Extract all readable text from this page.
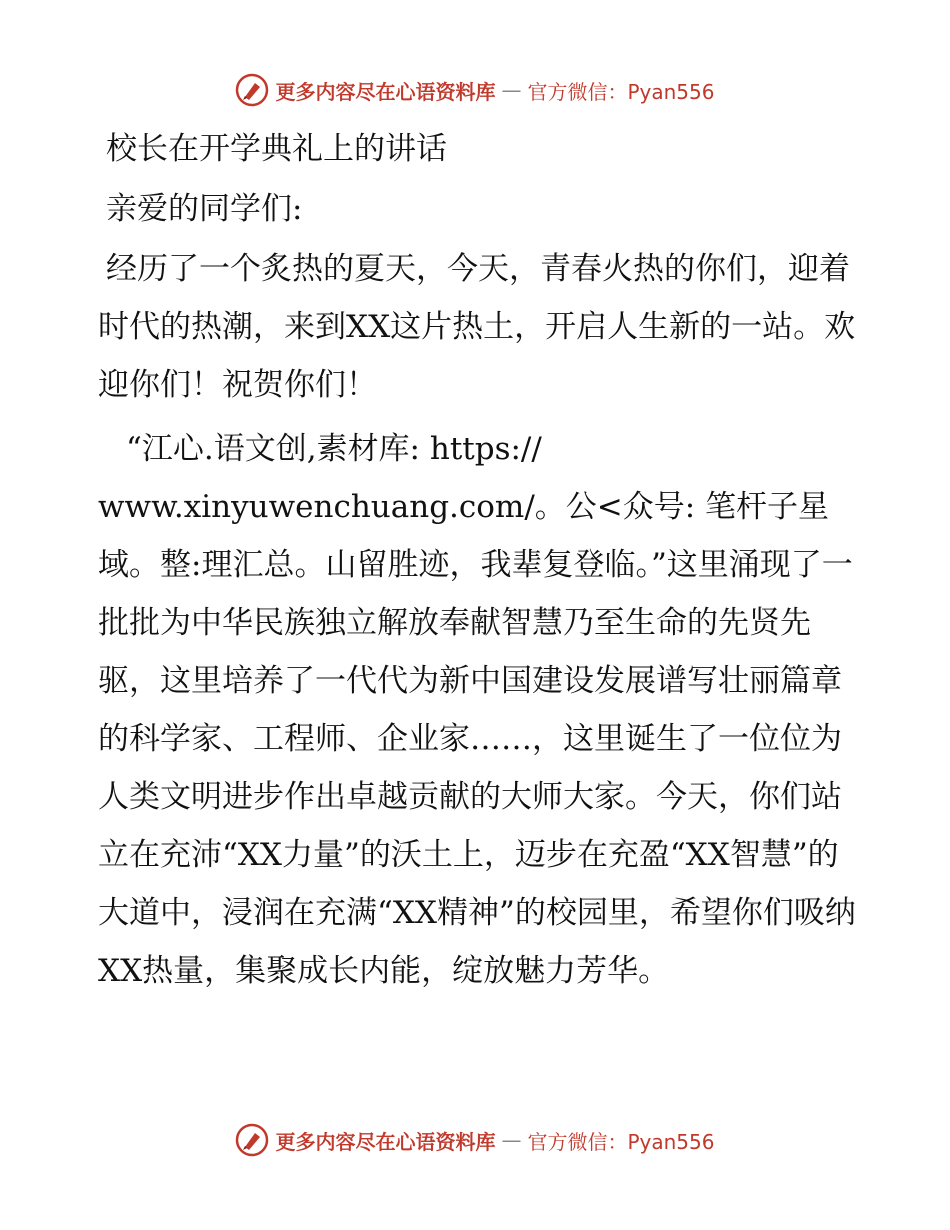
更多内容尽在心语资料库 — 官方微信：Pyan556

校长在开学典礼上的讲话

亲爱的同学们:

经历了一个炙热的夏天，今天，青春火热的你们，迎着时代的热潮，来到XX这片热土，开启人生新的一站。欢迎你们！祝贺你们！

“江心.语文创,素材库: https://
www.xinyuwenchuang.com/。公<众号: 笔杆子星域。整:理汇总。山留胜迹，我辈复登临。”这里涌现了一批批为中华民族独立解放奉献智慧乃至生命的先贤先驱，这里培养了一代代为新中国建设发展谱写壮丽篇章的科学家、工程师、企业家……，这里诞生了一位位为人类文明进步作出卓越贡献的大师大家。今天，你们站立在充沛“XX力量”的沃土上，迈步在充盈“XX智慧”的大道中，浸润在充满“XX精神”的校园里，希望你们吸纳XX热量，集聚成长内能，绽放魅力芳华。

更多内容尽在心语资料库 — 官方微信：Pyan556
